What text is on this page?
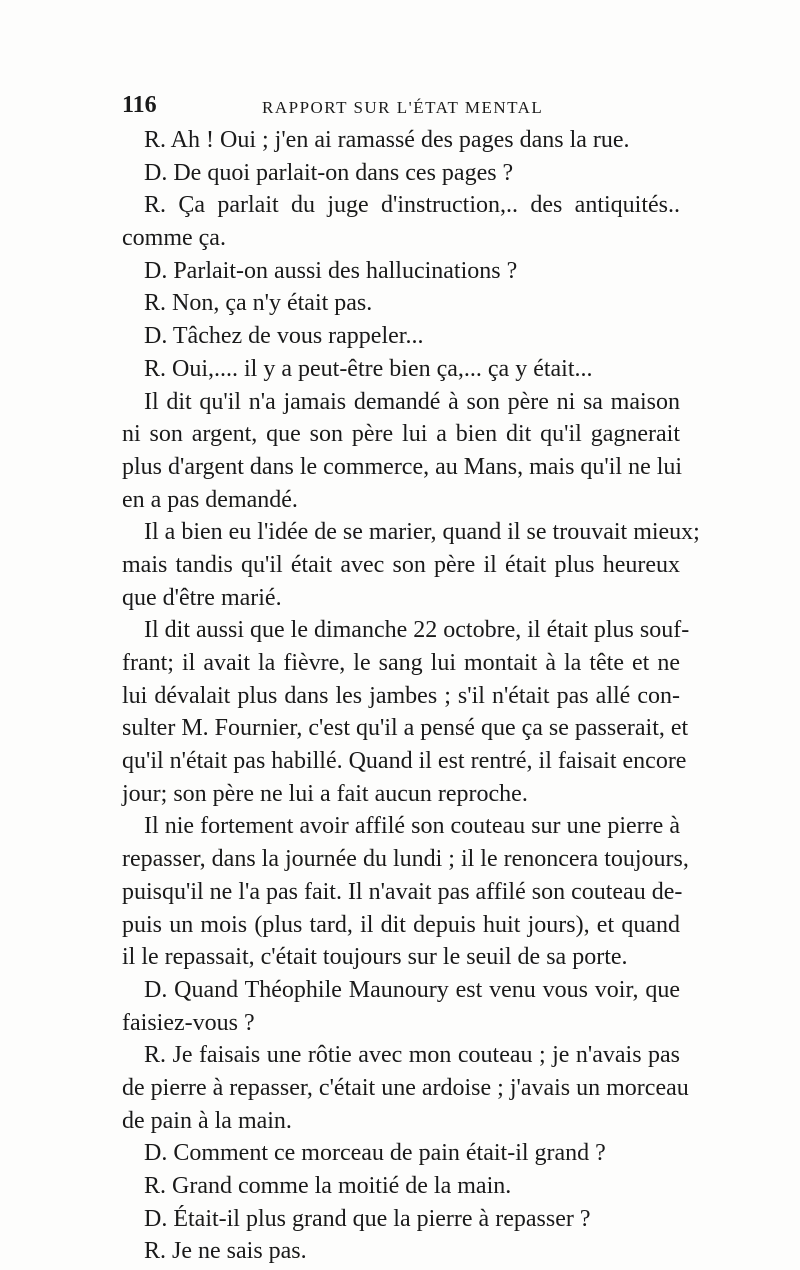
116	RAPPORT SUR L'ÉTAT MENTAL
R. Ah ! Oui ; j'en ai ramassé des pages dans la rue.
D. De quoi parlait-on dans ces pages ?
R. Ça parlait du juge d'instruction,.. des antiquités..
comme ça.
D. Parlait-on aussi des hallucinations ?
R. Non, ça n'y était pas.
D. Tâchez de vous rappeler...
R. Oui,.... il y a peut-être bien ça,... ça y était...
Il dit qu'il n'a jamais demandé à son père ni sa maison
ni son argent, que son père lui a bien dit qu'il gagnerait
plus d'argent dans le commerce, au Mans, mais qu'il ne lui
en a pas demandé.
Il a bien eu l'idée de se marier, quand il se trouvait mieux;
mais tandis qu'il était avec son père il était plus heureux
que d'être marié.
Il dit aussi que le dimanche 22 octobre, il était plus souf-
frant; il avait la fièvre, le sang lui montait à la tête et ne
lui dévalait plus dans les jambes ; s'il n'était pas allé con-
sulter M. Fournier, c'est qu'il a pensé que ça se passerait, et
qu'il n'était pas habillé. Quand il est rentré, il faisait encore
jour; son père ne lui a fait aucun reproche.
Il nie fortement avoir affilé son couteau sur une pierre à
repasser, dans la journée du lundi ; il le renoncera toujours,
puisqu'il ne l'a pas fait. Il n'avait pas affilé son couteau de-
puis un mois (plus tard, il dit depuis huit jours), et quand
il le repassait, c'était toujours sur le seuil de sa porte.
D. Quand Théophile Maunoury est venu vous voir, que
faisiez-vous ?
R. Je faisais une rôtie avec mon couteau ; je n'avais pas
de pierre à repasser, c'était une ardoise ; j'avais un morceau
de pain à la main.
D. Comment ce morceau de pain était-il grand ?
R. Grand comme la moitié de la main.
D. Était-il plus grand que la pierre à repasser ?
R. Je ne sais pas.
